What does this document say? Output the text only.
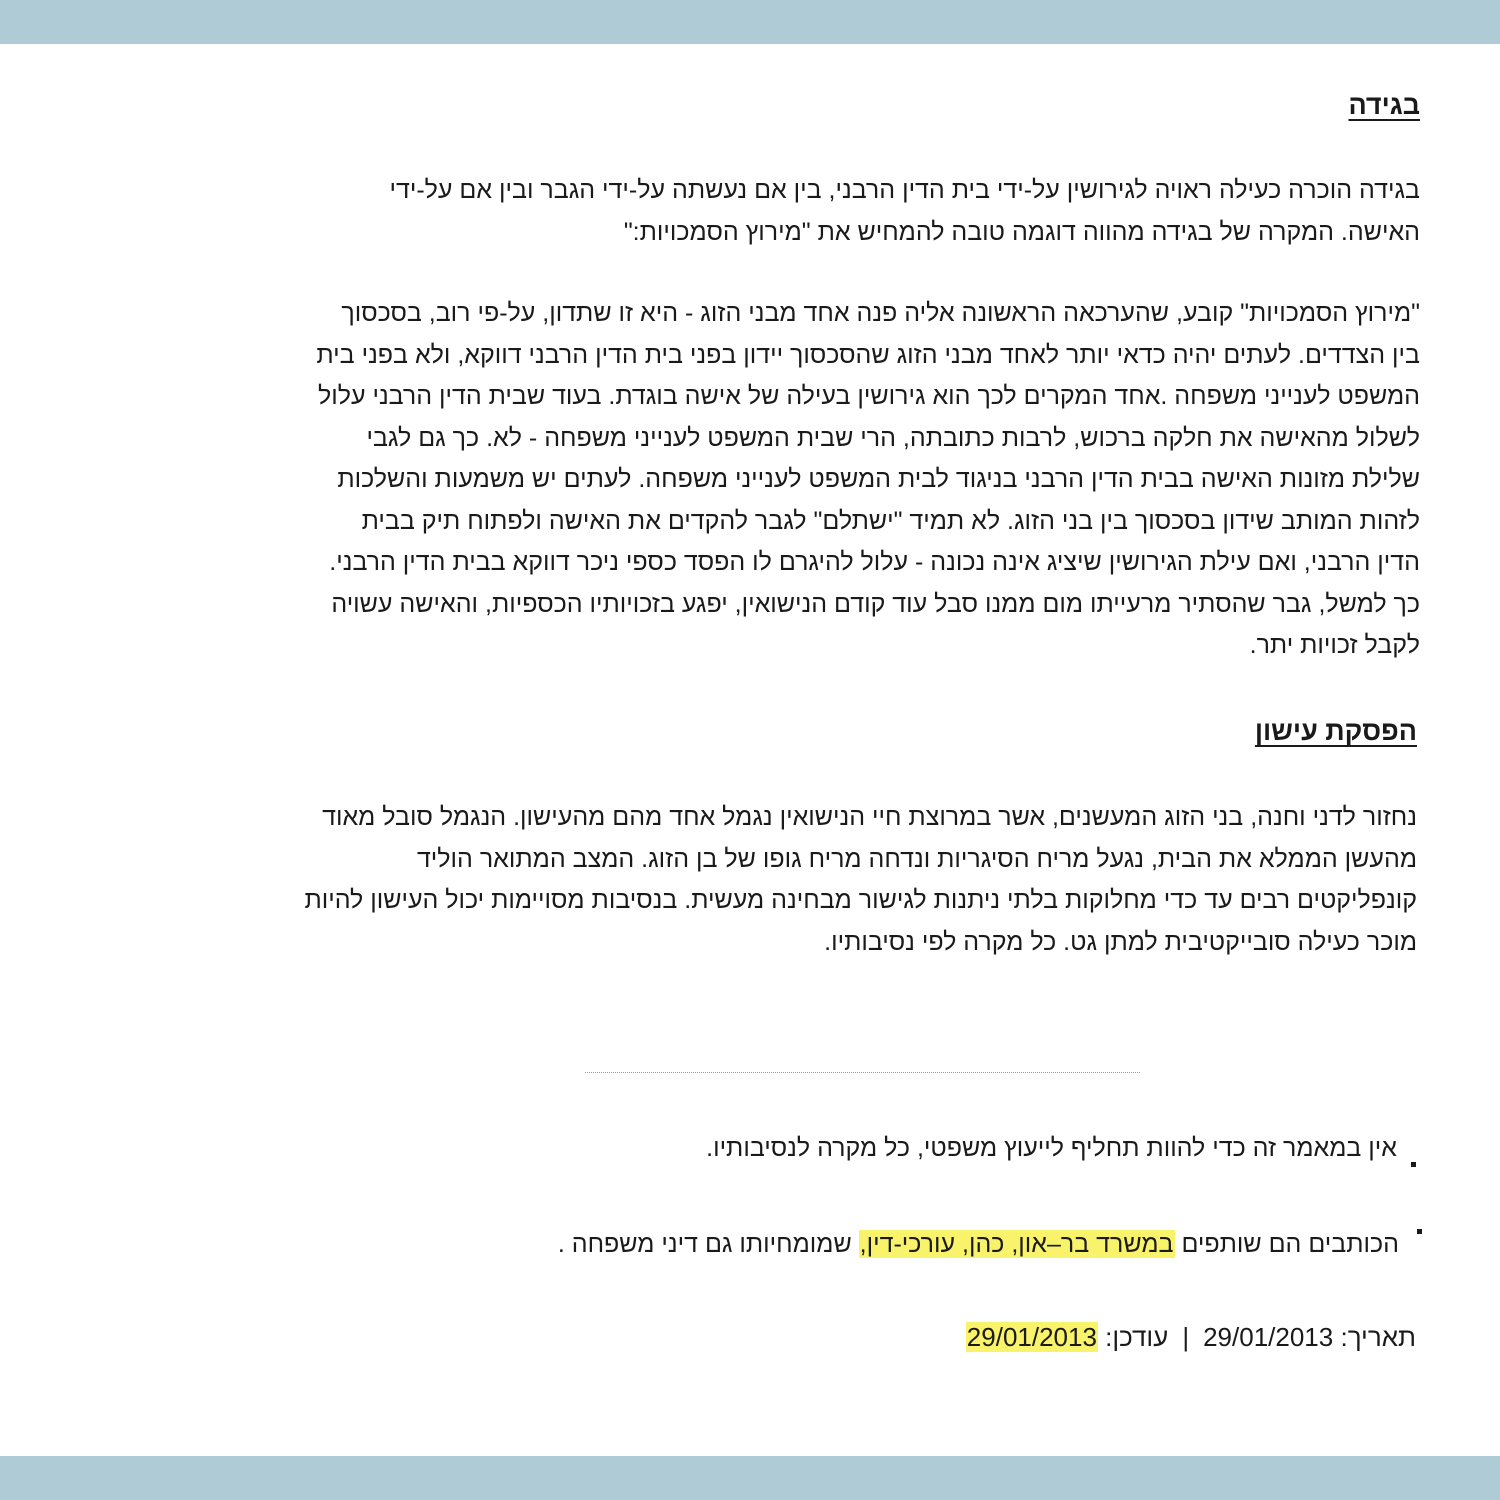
בגידה

בגידה הוכרה כעילה ראויה לגירושין על-ידי בית הדין הרבני, בין אם נעשתה על-ידי הגבר ובין אם על-ידי
האישה. המקרה של בגידה מהווה דוגמה טובה להמחיש את "מירוץ הסמכויות:"

"מירוץ הסמכויות" קובע, שהערכאה הראשונה אליה פנה אחד מבני הזוג - היא זו שתדון, על-פי רוב, בסכסוך
בין הצדדים. לעתים יהיה כדאי יותר לאחד מבני הזוג שהסכסוך יידון בפני בית הדין הרבני דווקא, ולא בפני בית
המשפט לענייני משפחה .אחד המקרים לכך הוא גירושין בעילה של אישה בוגדת. בעוד שבית הדין הרבני עלול
לשלול מהאישה את חלקה ברכוש, לרבות כתובתה, הרי שבית המשפט לענייני משפחה - לא. כך גם לגבי
שלילת מזונות האישה בבית הדין הרבני בניגוד לבית המשפט לענייני משפחה. לעתים יש משמעות והשלכות
לזהות המותב שידון בסכסוך בין בני הזוג. לא תמיד "ישתלם" לגבר להקדים את האישה ולפתוח תיק בבית
הדין הרבני, ואם עילת הגירושין שיציג אינה נכונה - עלול להיגרם לו הפסד כספי ניכר דווקא בבית הדין הרבני.
כך למשל, גבר שהסתיר מרעייתו מום ממנו סבל עוד קודם הנישואין, יפגע בזכויותיו הכספיות, והאישה עשויה
לקבל זכויות יתר.

הפסקת עישון

נחזור לדני וחנה, בני הזוג המעשנים, אשר במרוצת חיי הנישואין נגמל אחד מהם מהעישון. הנגמל סובל מאוד
מהעשן הממלא את הבית, נגעל מריח הסיגריות ונדחה מריח גופו של בן הזוג. המצב המתואר הוליד
קונפליקטים רבים עד כדי מחלוקות בלתי ניתנות לגישור מבחינה מעשית. בנסיבות מסויימות יכול העישון להיות
מוכר כעילה סובייקטיבית למתן גט. כל מקרה לפי נסיבותיו.

אין במאמר זה כדי להוות תחליף לייעוץ משפטי, כל מקרה לנסיבותיו.

הכותבים הם שותפים במשרד בר–און, כהן, עורכי-דין, שמומחיותו גם דיני משפחה .

תאריך: 29/01/2013|עודכן: 29/01/2013
